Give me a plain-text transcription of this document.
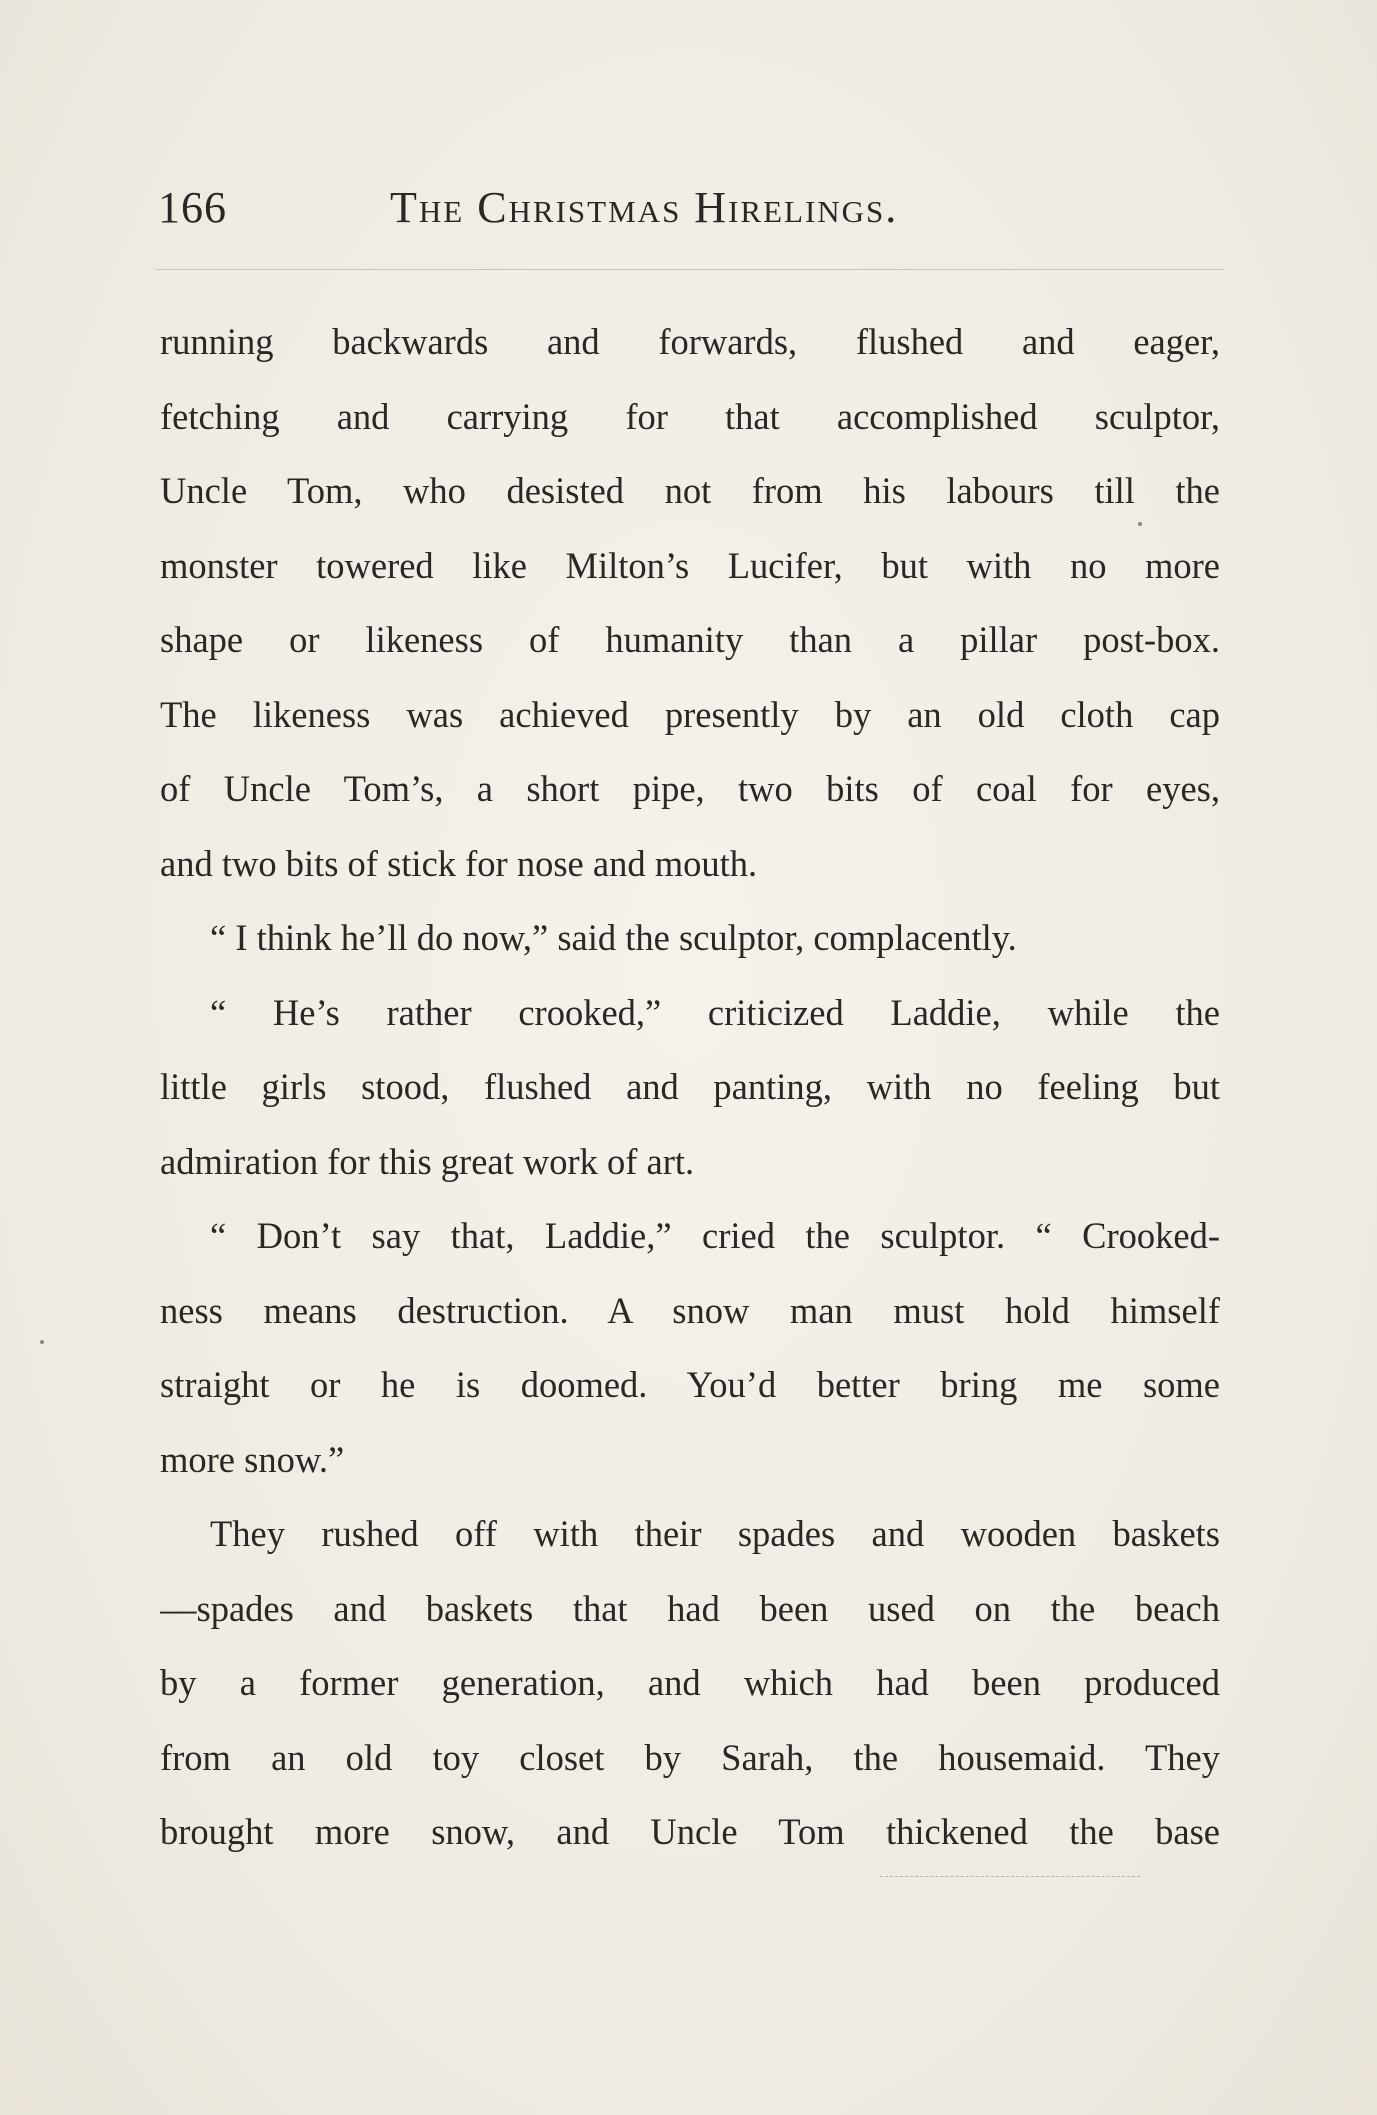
166	The Christmas Hirelings.
running backwards and forwards, flushed and eager,
fetching and carrying for that accomplished sculptor,
Uncle Tom, who desisted not from his labours till the
monster towered like Milton’s Lucifer, but with no more
shape or likeness of humanity than a pillar post-box.
The likeness was achieved presently by an old cloth cap
of Uncle Tom’s, a short pipe, two bits of coal for eyes,
and two bits of stick for nose and mouth.
“ I think he’ll do now,” said the sculptor, complacently.
“ He’s rather crooked,” criticized Laddie, while the
little girls stood, flushed and panting, with no feeling but
admiration for this great work of art.
“ Don’t say that, Laddie,” cried the sculptor. “ Crooked-
ness means destruction. A snow man must hold himself
straight or he is doomed. You’d better bring me some
more snow.”
They rushed off with their spades and wooden baskets
—spades and baskets that had been used on the beach
by a former generation, and which had been produced
from an old toy closet by Sarah, the housemaid. They
brought more snow, and Uncle Tom thickened the base
